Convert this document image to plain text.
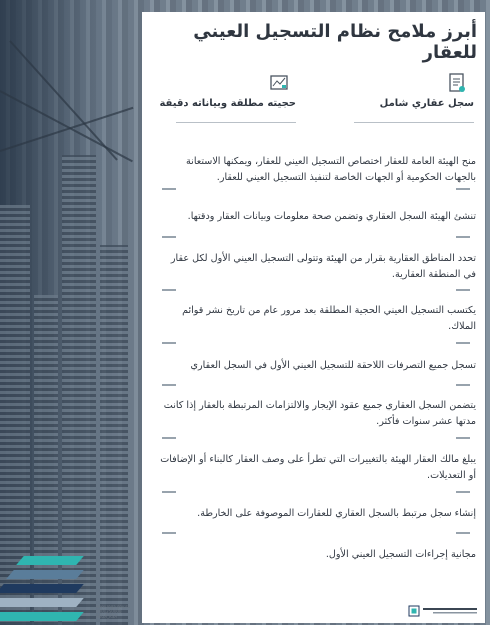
أبرز ملامح نظام التسجيل العيني للعقار
سجل عقاري شامل
حجيته مطلقة وبياناته دقيقة
منح الهيئة العامة للعقار اختصاص التسجيل العيني للعقار، ويمكنها الاستعانة بالجهات الحكومية أو الجهات الخاصة لتنفيذ التسجيل العيني للعقار.
تنشئ الهيئة السجل العقاري وتضمن صحة معلومات وبيانات العقار ودقتها.
تحدد المناطق العقارية بقرار من الهيئة وتتولى التسجيل العيني الأول لكل عقار في المنطقة العقارية.
يكتسب التسجيل العيني الحجية المطلقة بعد مرور عام من تاريخ نشر قوائم الملاك.
تسجل جميع التصرفات اللاحقة للتسجيل العيني الأول في السجل العقاري
يتضمن السجل العقاري جميع عقود الإيجار والالتزامات المرتبطة بالعقار إذا كانت مدتها عشر سنوات فأكثر.
يبلغ مالك العقار الهيئة بالتغييرات التي تطرأ على وصف العقار كالبناء أو الإضافات أو التعديلات.
إنشاء سجل مرتبط بالسجل العقاري للعقارات الموصوفة على الخارطة.
مجانية إجراءات التسجيل العيني الأول.
www.rega.gov.sa
8001250000
REGA_KSA
